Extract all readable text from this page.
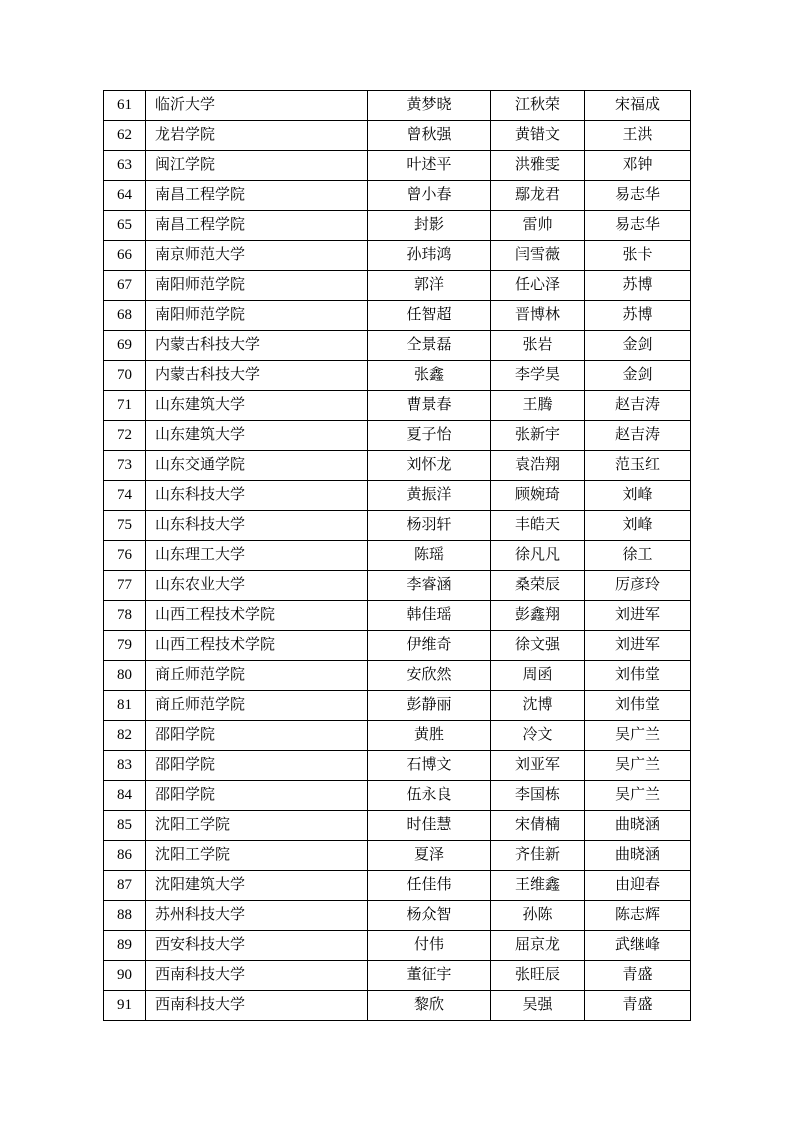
61	临沂大学	黄梦晓	江秋荣	宋福成
62	龙岩学院	曾秋强	黄错文	王洪
63	闽江学院	叶述平	洪雅雯	邓钟
64	南昌工程学院	曾小春	鄢龙君	易志华
65	南昌工程学院	封影	雷帅	易志华
66	南京师范大学	孙玮鸿	闫雪薇	张卡
67	南阳师范学院	郭洋	任心泽	苏博
68	南阳师范学院	任智超	晋博林	苏博
69	内蒙古科技大学	仝景磊	张岩	金剑
70	内蒙古科技大学	张鑫	李学昊	金剑
71	山东建筑大学	曹景春	王腾	赵吉涛
72	山东建筑大学	夏子怡	张新宇	赵吉涛
73	山东交通学院	刘怀龙	袁浩翔	范玉红
74	山东科技大学	黄振洋	顾婉琦	刘峰
75	山东科技大学	杨羽轩	丰皓天	刘峰
76	山东理工大学	陈瑶	徐凡凡	徐工
77	山东农业大学	李睿涵	桑荣辰	厉彦玲
78	山西工程技术学院	韩佳瑶	彭鑫翔	刘进军
79	山西工程技术学院	伊维奇	徐文强	刘进军
80	商丘师范学院	安欣然	周函	刘伟堂
81	商丘师范学院	彭静丽	沈博	刘伟堂
82	邵阳学院	黄胜	冷文	吴广兰
83	邵阳学院	石博文	刘亚军	吴广兰
84	邵阳学院	伍永良	李国栋	吴广兰
85	沈阳工学院	时佳慧	宋倩楠	曲晓涵
86	沈阳工学院	夏泽	齐佳新	曲晓涵
87	沈阳建筑大学	任佳伟	王维鑫	由迎春
88	苏州科技大学	杨众智	孙陈	陈志辉
89	西安科技大学	付伟	屈京龙	武继峰
90	西南科技大学	董征宇	张旺辰	青盛
91	西南科技大学	黎欣	吴强	青盛
